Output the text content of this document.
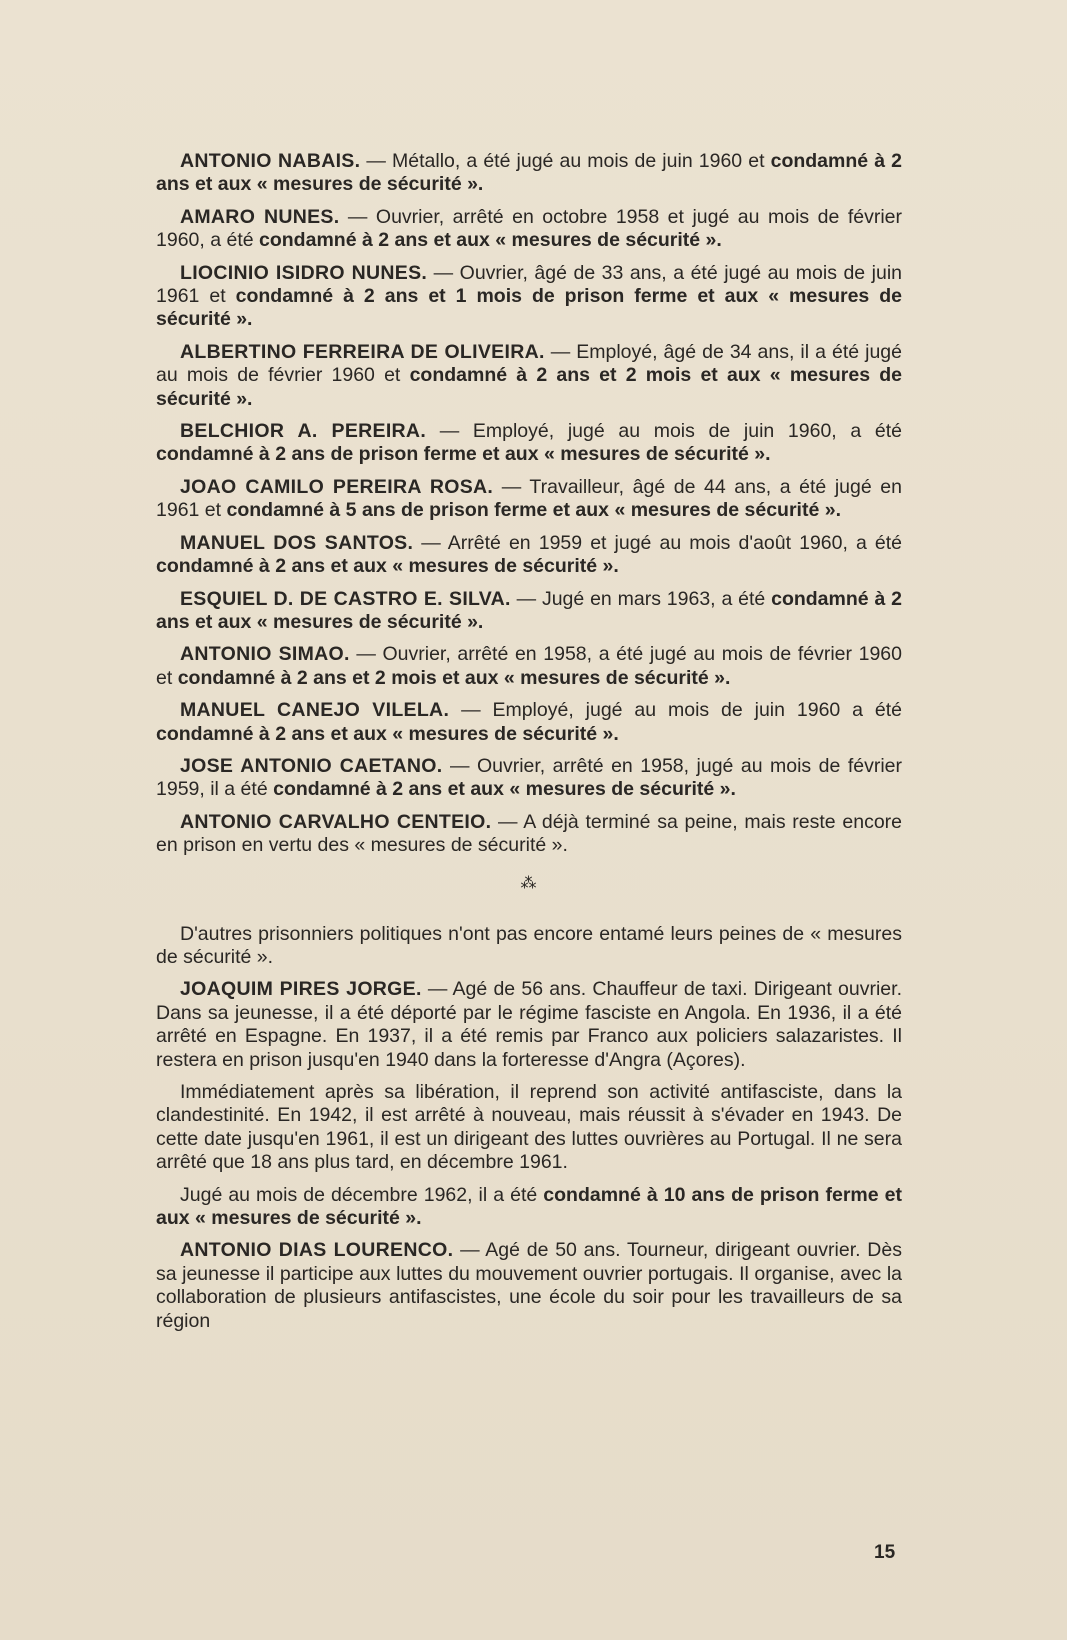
ANTONIO NABAIS. — Métallo, a été jugé au mois de juin 1960 et condamné à 2 ans et aux « mesures de sécurité ».

AMARO NUNES. — Ouvrier, arrêté en octobre 1958 et jugé au mois de février 1960, a été condamné à 2 ans et aux « mesures de sécurité ».

LIOCINIO ISIDRO NUNES. — Ouvrier, âgé de 33 ans, a été jugé au mois de juin 1961 et condamné à 2 ans et 1 mois de prison ferme et aux « mesures de sécurité ».

ALBERTINO FERREIRA DE OLIVEIRA. — Employé, âgé de 34 ans, il a été jugé au mois de février 1960 et condamné à 2 ans et 2 mois et aux « mesures de sécurité ».

BELCHIOR A. PEREIRA. — Employé, jugé au mois de juin 1960, a été condamné à 2 ans de prison ferme et aux « mesures de sécurité ».

JOAO CAMILO PEREIRA ROSA. — Travailleur, âgé de 44 ans, a été jugé en 1961 et condamné à 5 ans de prison ferme et aux « mesures de sécurité ».

MANUEL DOS SANTOS. — Arrêté en 1959 et jugé au mois d'août 1960, a été condamné à 2 ans et aux « mesures de sécurité ».

ESQUIEL D. DE CASTRO E. SILVA. — Jugé en mars 1963, a été condamné à 2 ans et aux « mesures de sécurité ».

ANTONIO SIMAO. — Ouvrier, arrêté en 1958, a été jugé au mois de février 1960 et condamné à 2 ans et 2 mois et aux « mesures de sécurité ».

MANUEL CANEJO VILELA. — Employé, jugé au mois de juin 1960 a été condamné à 2 ans et aux « mesures de sécurité ».

JOSE ANTONIO CAETANO. — Ouvrier, arrêté en 1958, jugé au mois de février 1959, il a été condamné à 2 ans et aux « mesures de sécurité ».

ANTONIO CARVALHO CENTEIO. — A déjà terminé sa peine, mais reste encore en prison en vertu des « mesures de sécurité ».

⁂

D'autres prisonniers politiques n'ont pas encore entamé leurs peines de « mesures de sécurité ».

JOAQUIM PIRES JORGE. — Agé de 56 ans. Chauffeur de taxi. Dirigeant ouvrier. Dans sa jeunesse, il a été déporté par le régime fasciste en Angola. En 1936, il a été arrêté en Espagne. En 1937, il a été remis par Franco aux policiers salazaristes. Il restera en prison jusqu'en 1940 dans la forteresse d'Angra (Açores).

Immédiatement après sa libération, il reprend son activité antifasciste, dans la clandestinité. En 1942, il est arrêté à nouveau, mais réussit à s'évader en 1943. De cette date jusqu'en 1961, il est un dirigeant des luttes ouvrières au Portugal. Il ne sera arrêté que 18 ans plus tard, en décembre 1961.

Jugé au mois de décembre 1962, il a été condamné à 10 ans de prison ferme et aux « mesures de sécurité ».

ANTONIO DIAS LOURENCO. — Agé de 50 ans. Tourneur, dirigeant ouvrier. Dès sa jeunesse il participe aux luttes du mouvement ouvrier portugais. Il organise, avec la collaboration de plusieurs antifascistes, une école du soir pour les travailleurs de sa région

15
